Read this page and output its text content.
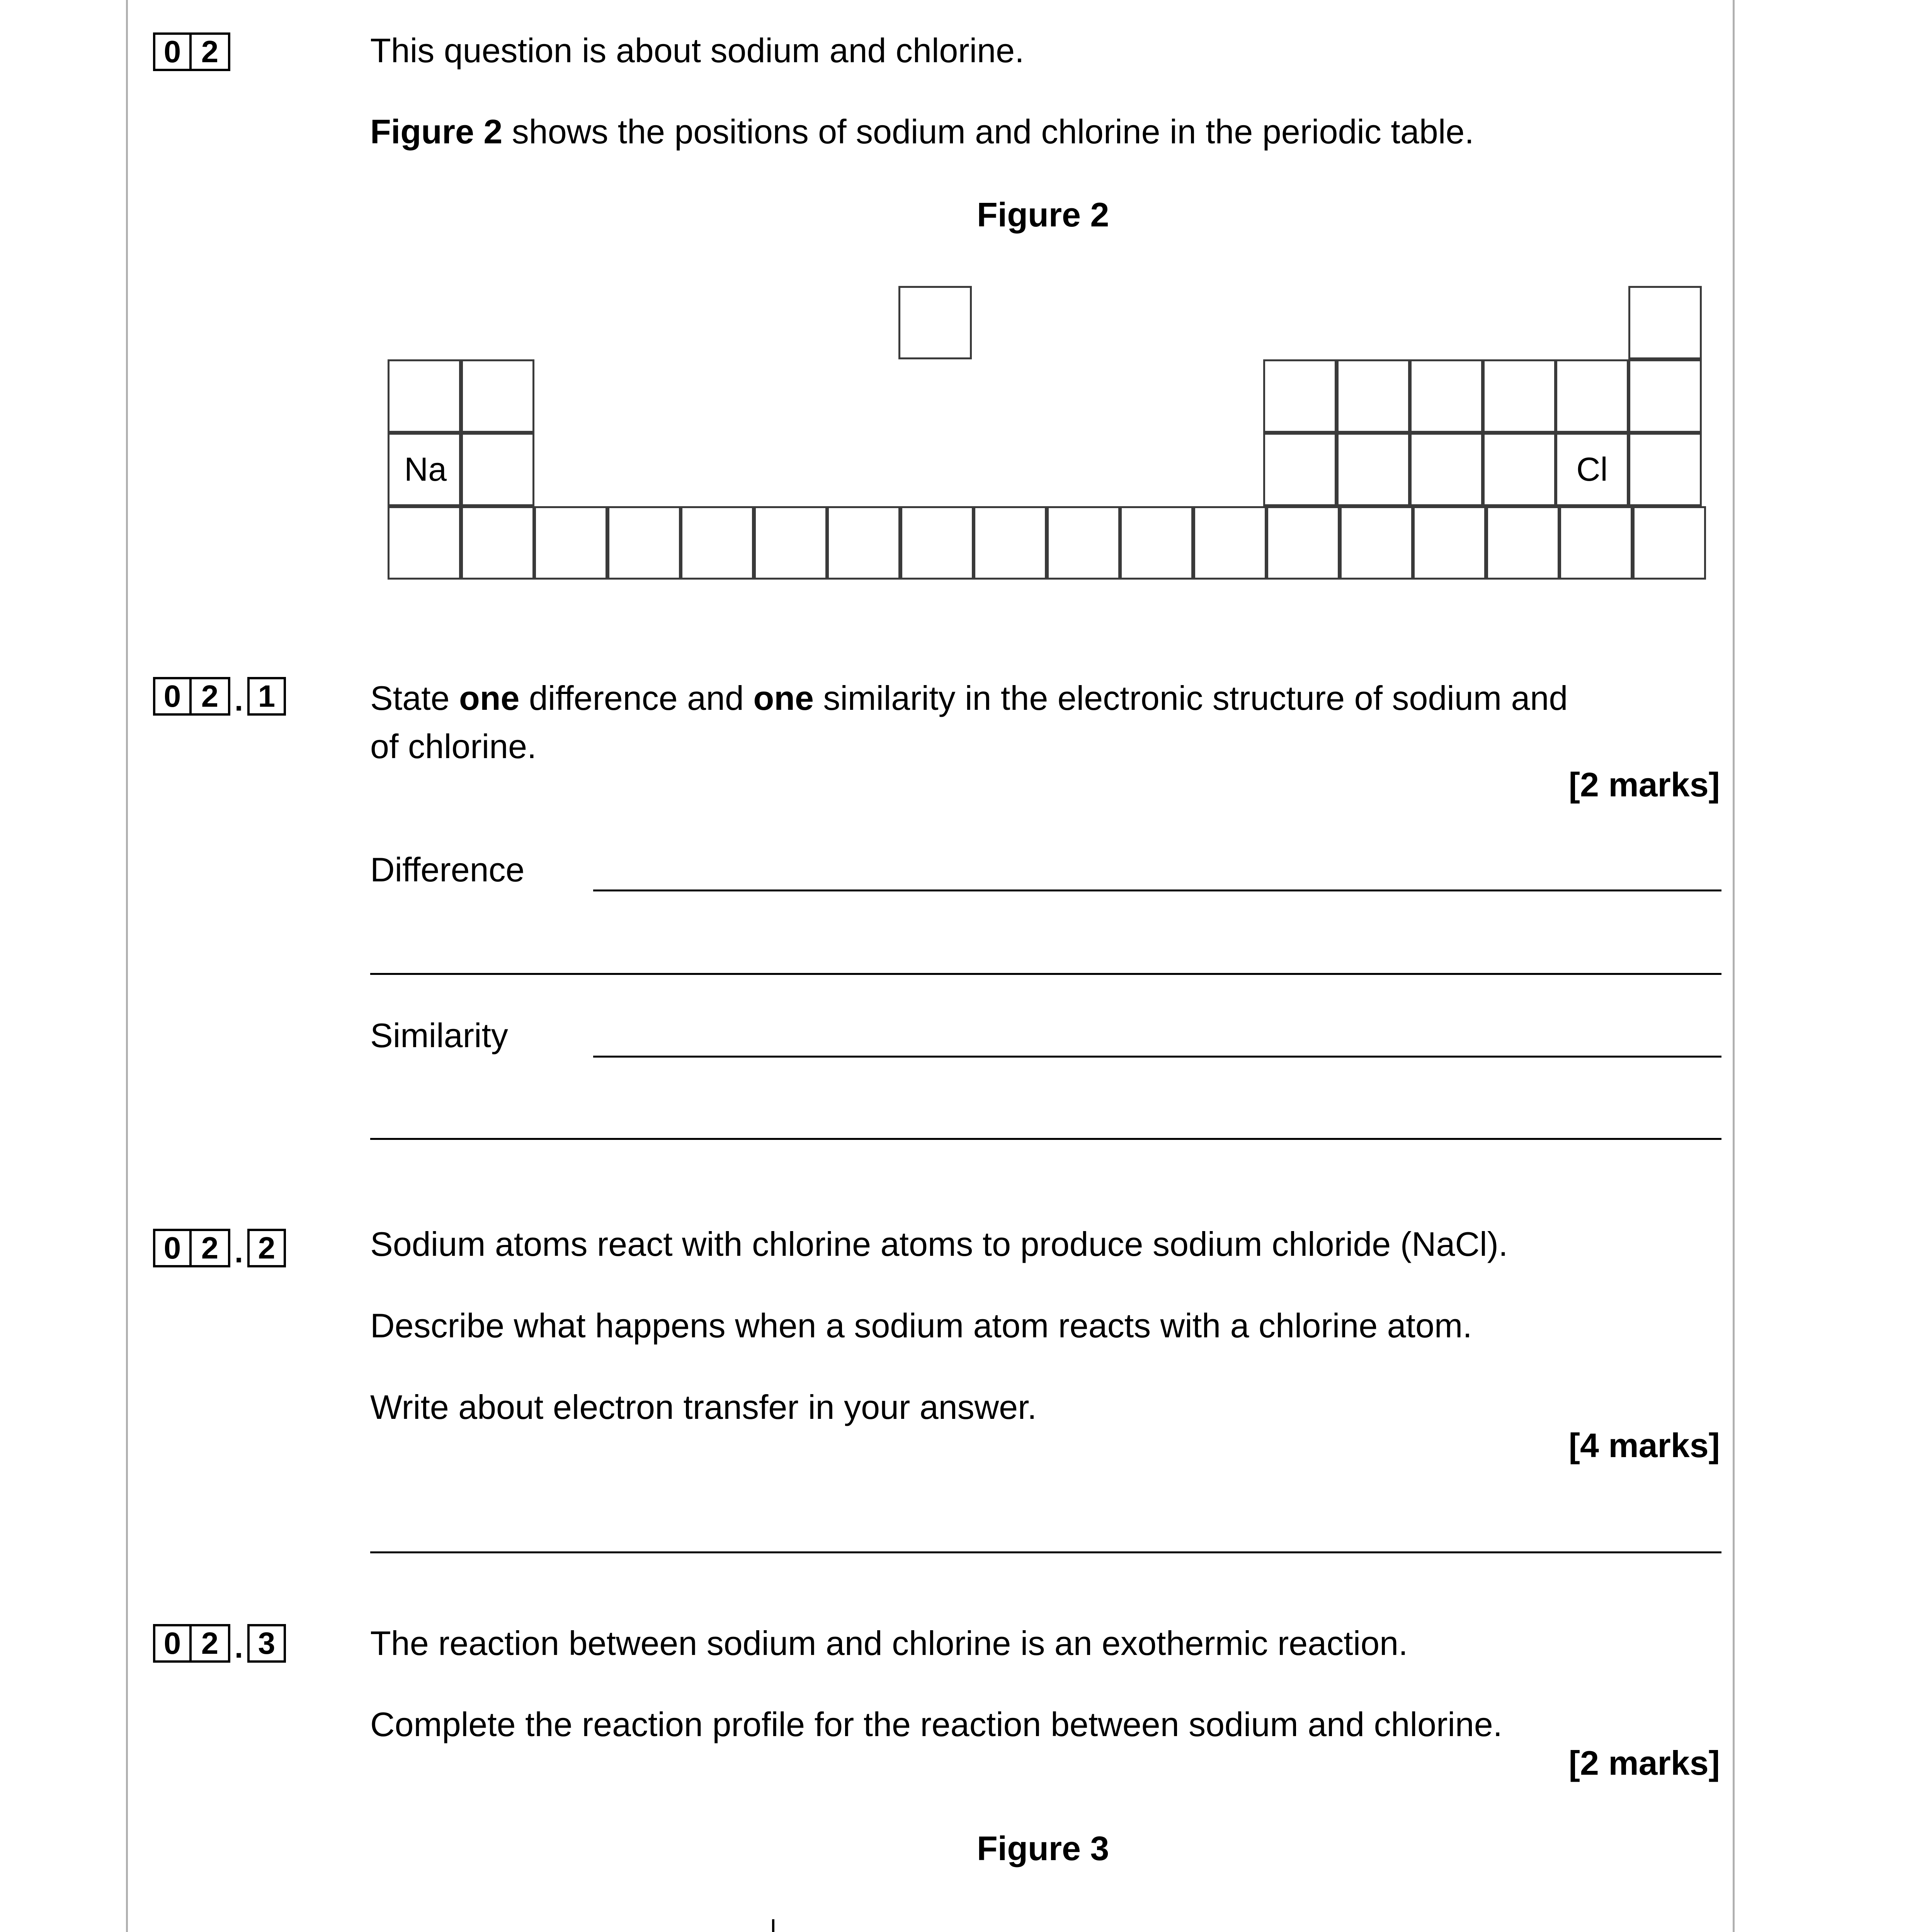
0 2	This question is about sodium and chlorine.
Figure 2 shows the positions of sodium and chlorine in the periodic table.
Figure 2
Na	Cl
0 2 . 1	State one difference and one similarity in the electronic structure of sodium and
of chlorine.
[2 marks]
Difference
Similarity
0 2 . 2	Sodium atoms react with chlorine atoms to produce sodium chloride (NaCl).
Describe what happens when a sodium atom reacts with a chlorine atom.
Write about electron transfer in your answer.
[4 marks]
0 2 . 3	The reaction between sodium and chlorine is an exothermic reaction.
Complete the reaction profile for the reaction between sodium and chlorine.
[2 marks]
Figure 3
